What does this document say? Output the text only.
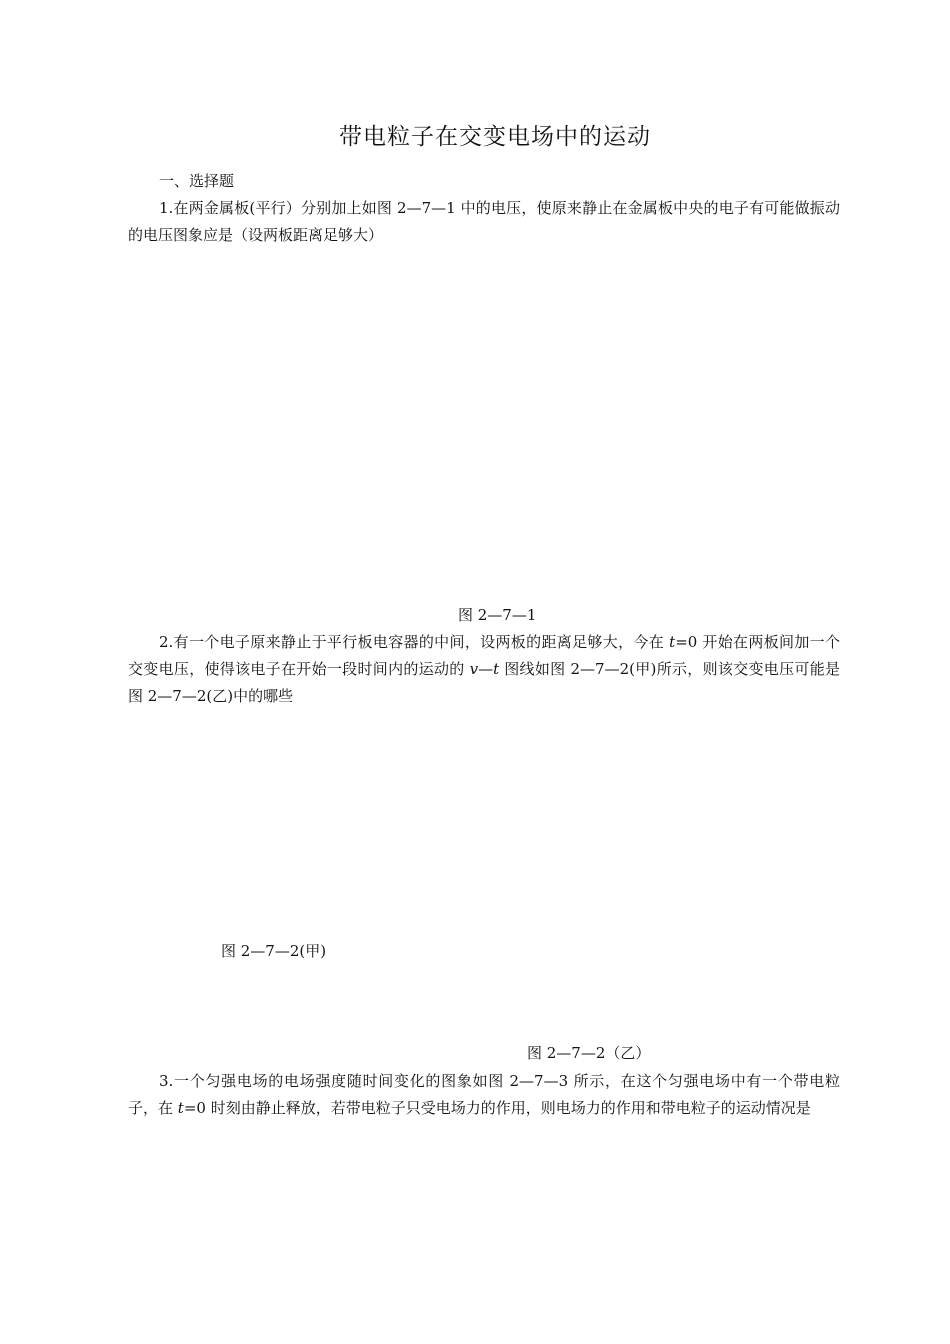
带电粒子在交变电场中的运动
一、选择题

1.在两金属板(平行）分别加上如图 2—7—1 中的电压，使原来静止在金属板中央的电子有可能做振动的电压图象应是（设两板距离足够大）

图 2—7—1

2.有一个电子原来静止于平行板电容器的中间，设两板的距离足够大，今在 t=0 开始在两板间加一个交变电压，使得该电子在开始一段时间内的运动的 v—t 图线如图 2—7—2(甲)所示，则该交变电压可能是图 2—7—2(乙)中的哪些

图 2—7—2(甲)
图 2—7—2（乙）

3.一个匀强电场的电场强度随时间变化的图象如图 2—7—3 所示，在这个匀强电场中有一个带电粒子，在 t=0 时刻由静止释放，若带电粒子只受电场力的作用，则电场力的作用和带电粒子的运动情况是
